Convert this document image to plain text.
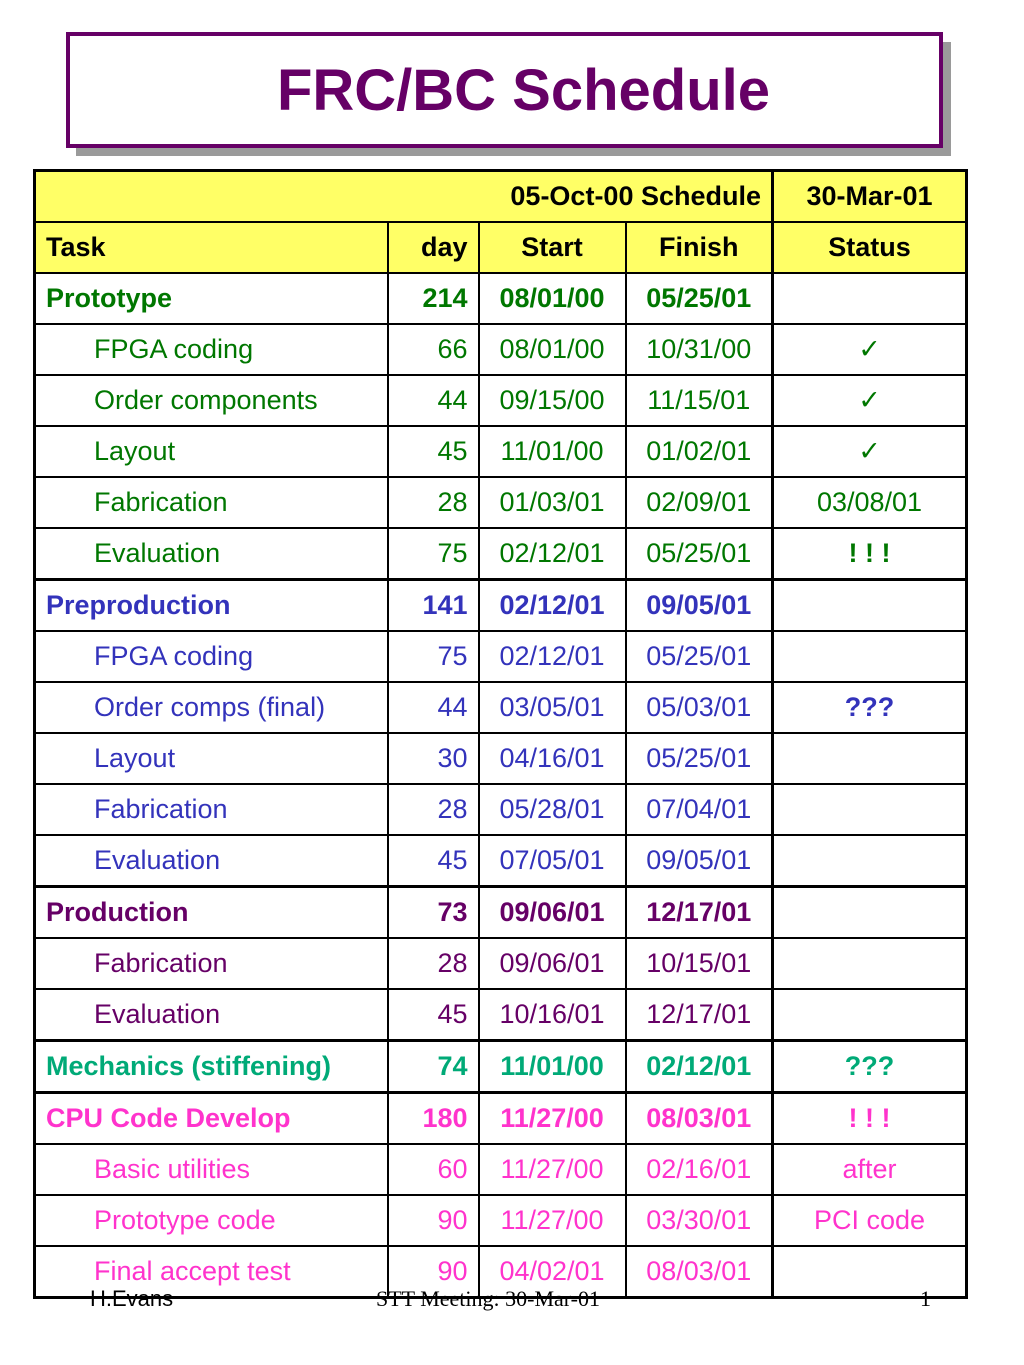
FRC/BC Schedule
05-Oct-00 Schedule				30-Mar-01
Task	day	Start	Finish	Status
Prototype	214	08/01/00	05/25/01	
FPGA coding	66	08/01/00	10/31/00	✓
Order components	44	09/15/00	11/15/01	✓
Layout	45	11/01/00	01/02/01	✓
Fabrication	28	01/03/01	02/09/01	03/08/01
Evaluation	75	02/12/01	05/25/01	! ! !
Preproduction	141	02/12/01	09/05/01	
FPGA coding	75	02/12/01	05/25/01	
Order comps (final)	44	03/05/01	05/03/01	???
Layout	30	04/16/01	05/25/01	
Fabrication	28	05/28/01	07/04/01	
Evaluation	45	07/05/01	09/05/01	
Production	73	09/06/01	12/17/01	
Fabrication	28	09/06/01	10/15/01	
Evaluation	45	10/16/01	12/17/01	
Mechanics (stiffening)	74	11/01/00	02/12/01	???
CPU Code Develop	180	11/27/00	08/03/01	! ! !
Basic utilities	60	11/27/00	02/16/01	after
Prototype code	90	11/27/00	03/30/01	PCI code
Final accept test	90	04/02/01	08/03/01	
H.Evans	STT Meeting: 30-Mar-01	1
